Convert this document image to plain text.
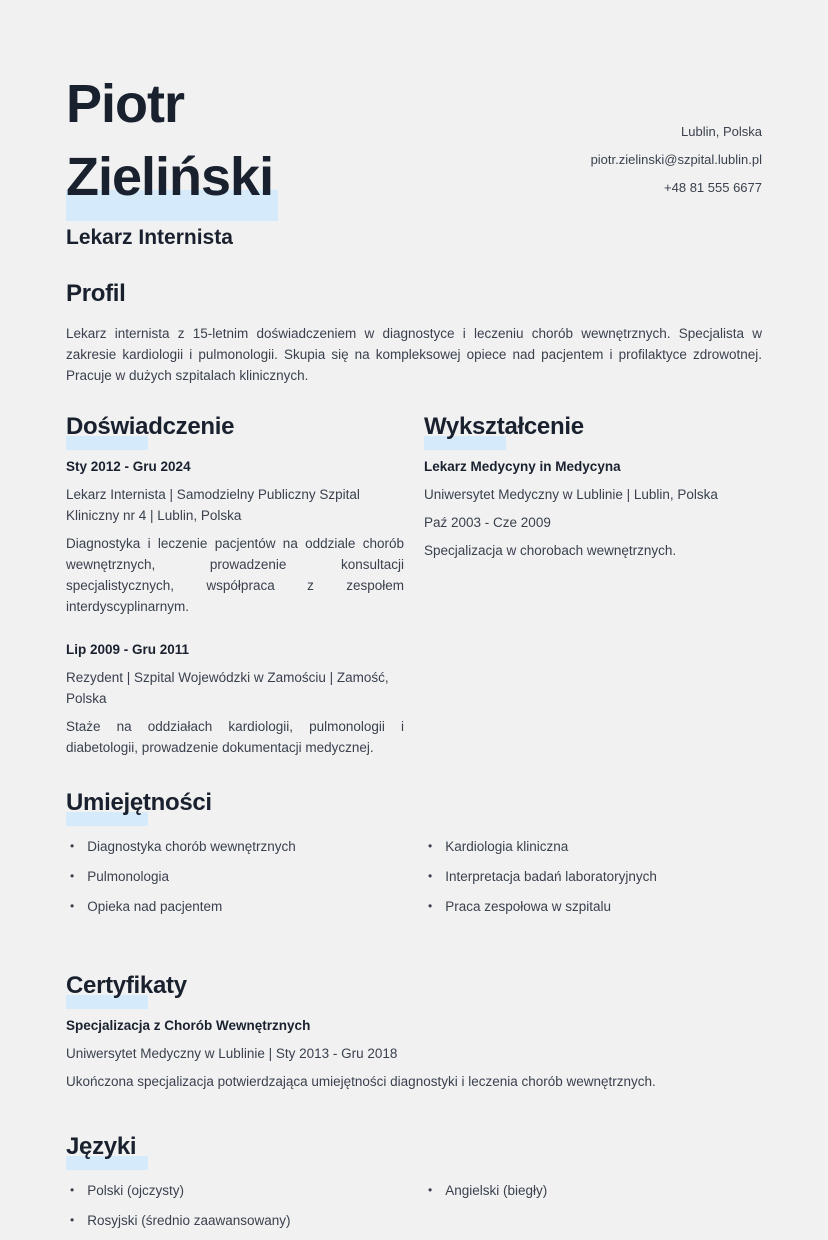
Piotr
Zieliński
Lekarz Internista
Lublin, Polska
piotr.zielinski@szpital.lublin.pl
+48 81 555 6677
Profil

Lekarz internista z 15-letnim doświadczeniem w diagnostyce i leczeniu chorób wewnętrznych. Specjalista w zakresie kardiologii i pulmonologii. Skupia się na kompleksowej opiece nad pacjentem i profilaktyce zdrowotnej. Pracuje w dużych szpitalach klinicznych.

Doświadczenie
Sty 2012 - Gru 2024
Lekarz Internista | Samodzielny Publiczny Szpital Kliniczny nr 4 | Lublin, Polska

Diagnostyka i leczenie pacjentów na oddziale chorób wewnętrznych, prowadzenie konsultacji specjalistycznych, współpraca z zespołem interdyscyplinarnym.

Lip 2009 - Gru 2011
Rezydent | Szpital Wojewódzki w Zamościu | Zamość, Polska

Staże na oddziałach kardiologii, pulmonologii i diabetologii, prowadzenie dokumentacji medycznej.

Wykształcenie
Lekarz Medycyny in Medycyna
Uniwersytet Medyczny w Lublinie | Lublin, Polska
Paź 2003 - Cze 2009
Specjalizacja w chorobach wewnętrznych.
Umiejętności
• Diagnostyka chorób wewnętrznych
• Pulmonologia
• Opieka nad pacjentem
• Kardiologia kliniczna
• Interpretacja badań laboratoryjnych
• Praca zespołowa w szpitalu
Certyfikaty
Specjalizacja z Chorób Wewnętrznych
Uniwersytet Medyczny w Lublinie | Sty 2013 - Gru 2018
Ukończona specjalizacja potwierdzająca umiejętności diagnostyki i leczenia chorób wewnętrznych.
Języki
• Polski (ojczysty)
• Rosyjski (średnio zaawansowany)
• Angielski (biegły)
